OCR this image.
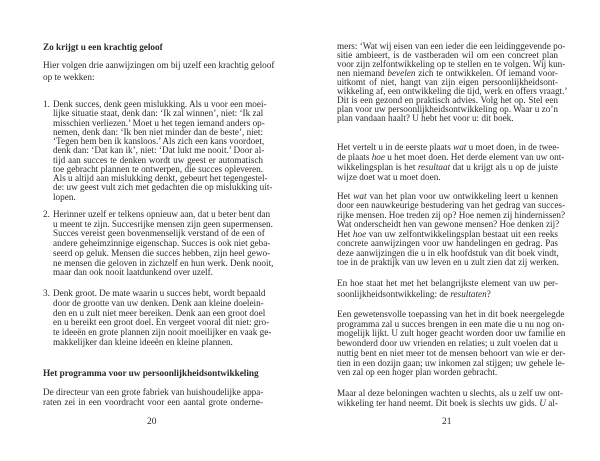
Zo krijgt u een krachtig geloof
Hier volgen drie aanwijzingen om bij uzelf een krachtig geloof
op te wekken:
1. Denk succes, denk geen mislukking. Als u voor een moei-
lijke situatie staat, denk dan: ‘Ik zal winnen’, niet: ‘Ik zal
misschien verliezen.’ Moet u het tegen iemand anders op-
nemen, denk dan: ‘Ik ben niet minder dan de beste’, niet:
‘Tegen hem ben ik kansloos.’ Als zich een kans voordoet,
denk dan: ‘Dat kan ik’, niet: ‘Dat lukt me nooit.’ Door al-
tijd aan succes te denken wordt uw geest er automatisch
toe gebracht plannen te ontwerpen, die succes opleveren.
Als u altijd aan mislukking denkt, gebeurt het tegengestel-
de: uw geest vult zich met gedachten die op mislukking uit-
lopen.
2. Herinner uzelf er telkens opnieuw aan, dat u beter bent dan
u meent te zijn. Succesrijke mensen zijn geen supermensen.
Succes vereist geen bovenmenselijk verstand of de een of
andere geheimzinnige eigenschap. Succes is ook niet geba-
seerd op geluk. Mensen die succes hebben, zijn heel gewo-
ne mensen die geloven in zichzelf en hun werk. Denk nooit,
maar dan ook nooit laatdunkend over uzelf.
3. Denk groot. De mate waarin u succes hebt, wordt bepaald
door de grootte van uw denken. Denk aan kleine doelein-
den en u zult niet meer bereiken. Denk aan een groot doel
en u bereikt een groot doel. En vergeet vooral dit niet: gro-
te ideeën en grote plannen zijn nooit moeilijker en vaak ge-
makkelijker dan kleine ideeën en kleine plannen.
Het programma voor uw persoonlijkheidsontwikkeling
De directeur van een grote fabriek van huishoudelijke appa-
raten zei in een voordracht voor een aantal grote onderne-
20
mers: ‘Wat wij eisen van een ieder die een leidinggevende po-
sitie ambieert, is de vastberaden wil om een concreet plan
voor zijn zelfontwikkeling op te stellen en te volgen. Wij kun-
nen niemand bevelen zich te ontwikkelen. Of iemand voor-
uitkomt of niet, hangt van zijn eigen persoonlijkheidsont-
wikkeling af, een ontwikkeling die tijd, werk en offers vraagt.’
Dit is een gezond en praktisch advies. Volg het op. Stel een
plan voor uw persoonlijkheidsontwikkeling op. Waar u zo’n
plan vandaan haalt? U hebt het voor u: dit boek.
Het vertelt u in de eerste plaats wat u moet doen, in de twee-
de plaats hoe u het moet doen. Het derde element van uw ont-
wikkelingsplan is het resultaat dat u krijgt als u op de juiste
wijze doet wat u moet doen.
Het wat van het plan voor uw ontwikkeling leert u kennen
door een nauwkeurige bestudering van het gedrag van succes-
rijke mensen. Hoe treden zij op? Hoe nemen zij hindernissen?
Wat onderscheidt hen van gewone mensen? Hoe denken zij?
Het hoe van uw zelfontwikkelingsplan bestaat uit een reeks
concrete aanwijzingen voor uw handelingen en gedrag. Pas
deze aanwijzingen die u in elk hoofdstuk van dit boek vindt,
toe in de praktijk van uw leven en u zult zien dat zij werken.
En hoe staat het met het belangrijkste element van uw per-
soonlijkheidsontwikkeling: de resultaten?
Een gewetensvolle toepassing van het in dit boek neergelegde
programma zal u succes brengen in een mate die u nu nog on-
mogelijk lijkt. U zult hoger geacht worden door uw familie en
bewonderd door uw vrienden en relaties; u zult voelen dat u
nuttig bent en niet meer tot de mensen behoort van wie er der-
tien in een dozijn gaan; uw inkomen zal stijgen; uw gehele le-
ven zal op een hoger plan worden gebracht.
Maar al deze beloningen wachten u slechts, als u zelf uw ont-
wikkeling ter hand neemt. Dit boek is slechts uw gids. U al-
21
